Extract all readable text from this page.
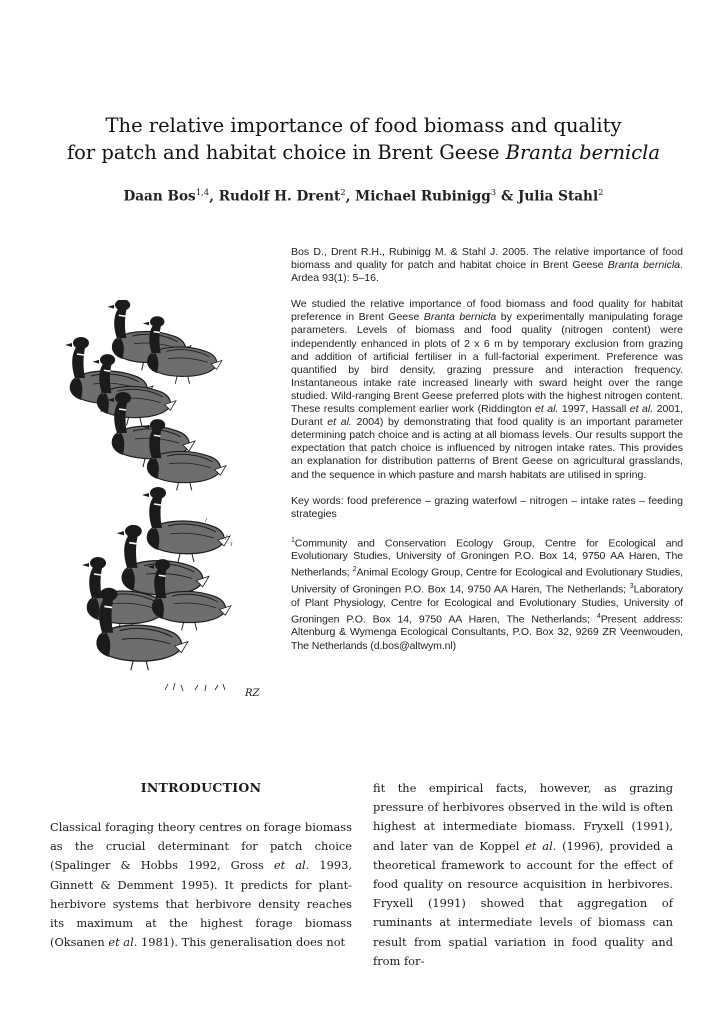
The relative importance of food biomass and quality
for patch and habitat choice in Brent Geese Branta bernicla
Daan Bos$^{1,4}$, Rudolf H. Drent$^2$, Michael Rubinigg$^3$ & Julia Stahl$^2$

Bos D., Drent R.H., Rubinigg M. & Stahl J. 2005. The relative importance of food biomass and quality for patch and habitat choice in Brent Geese Branta bernicla. Ardea 93(1): 5–16.

We studied the relative importance of food biomass and food quality for habitat preference in Brent Geese Branta bernicla by experimentally manipulating forage parameters. Levels of biomass and food quality (nitrogen content) were independently enhanced in plots of 2 x 6 m by temporary exclusion from grazing and addition of artificial fertiliser in a full-factorial experiment. Preference was quantified by bird density, grazing pressure and interaction frequency. Instantaneous intake rate increased linearly with sward height over the range studied. Wild-ranging Brent Geese preferred plots with the highest nitrogen content. These results complement earlier work (Riddington et al. 1997, Hassall et al. 2001, Durant et al. 2004) by demonstrating that food quality is an important parameter determining patch choice and is acting at all biomass levels. Our results support the expectation that patch choice is influenced by nitrogen intake rates. This provides an explanation for distribution patterns of Brent Geese on agricultural grasslands, and the sequence in which pasture and marsh habitats are utilised in spring.

Key words: food preference – grazing waterfowl – nitrogen – intake rates – feeding strategies

$^1$Community and Conservation Ecology Group, Centre for Ecological and Evolutionary Studies, University of Groningen P.O. Box 14, 9750 AA Haren, The Netherlands; $^2$Animal Ecology Group, Centre for Ecological and Evolutionary Studies, University of Groningen P.O. Box 14, 9750 AA Haren, The Netherlands; $^3$Laboratory of Plant Physiology, Centre for Ecological and Evolutionary Studies, University of Groningen P.O. Box 14, 9750 AA Haren, The Netherlands; $^4$Present address: Altenburg & Wymenga Ecological Consultants, P.O. Box 32, 9269 ZR Veenwouden, The Netherlands (d.bos@altwym.nl)

RZ
INTRODUCTION

Classical foraging theory centres on forage biomass as the crucial determinant for patch choice (Spalinger & Hobbs 1992, Gross et al. 1993, Ginnett & Demment 1995). It predicts for plant-herbivore systems that herbivore density reaches its maximum at the highest forage biomass (Oksanen et al. 1981). This generalisation does not

fit the empirical facts, however, as grazing pressure of herbivores observed in the wild is often highest at intermediate biomass. Fryxell (1991), and later van de Koppel et al. (1996), provided a theoretical framework to account for the effect of food quality on resource acquisition in herbivores. Fryxell (1991) showed that aggregation of ruminants at intermediate levels of biomass can result from spatial variation in food quality and from for-
